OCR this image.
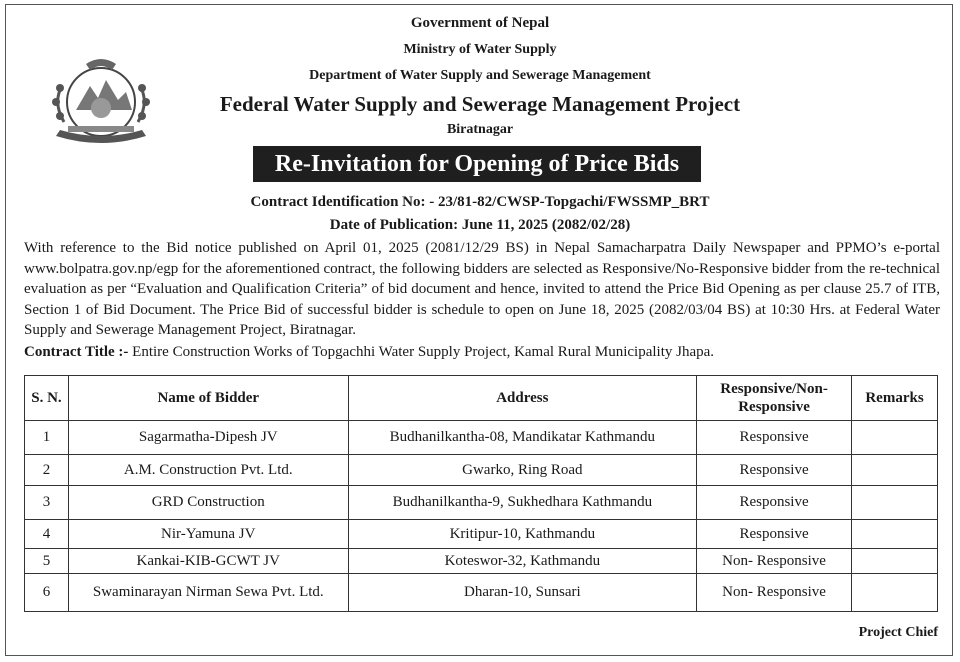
Government of Nepal
Ministry of Water Supply
Department of Water Supply and Sewerage Management
Federal Water Supply and Sewerage Management Project
Biratnagar
Re-Invitation for Opening of Price Bids
Contract Identification No: - 23/81-82/CWSP-Topgachi/FWSSMP_BRT
Date of Publication: June 11, 2025 (2082/02/28)
With reference to the Bid notice published on April 01, 2025 (2081/12/29 BS) in Nepal Samacharpatra Daily Newspaper and PPMO’s e-portal www.bolpatra.gov.np/egp for the aforementioned contract, the following bidders are selected as Responsive/No-Responsive bidder from the re-technical evaluation as per “Evaluation and Qualification Criteria” of bid document and hence, invited to attend the Price Bid Opening as per clause 25.7 of ITB, Section 1 of Bid Document. The Price Bid of successful bidder is schedule to open on June 18, 2025 (2082/03/04 BS) at 10:30 Hrs. at Federal Water Supply and Sewerage Management Project, Biratnagar.
Contract Title :- Entire Construction Works of Topgachhi Water Supply Project, Kamal Rural Municipality Jhapa.
S. N.	Name of Bidder	Address	Responsive/Non-Responsive	Remarks
1	Sagarmatha-Dipesh JV	Budhanilkantha-08, Mandikatar Kathmandu	Responsive	
2	A.M. Construction Pvt. Ltd.	Gwarko, Ring Road	Responsive	
3	GRD Construction	Budhanilkantha-9, Sukhedhara Kathmandu	Responsive	
4	Nir-Yamuna JV	Kritipur-10, Kathmandu	Responsive	
5	Kankai-KIB-GCWT JV	Koteswor-32, Kathmandu	Non- Responsive	
6	Swaminarayan Nirman Sewa Pvt. Ltd.	Dharan-10, Sunsari	Non- Responsive	
Project Chief
